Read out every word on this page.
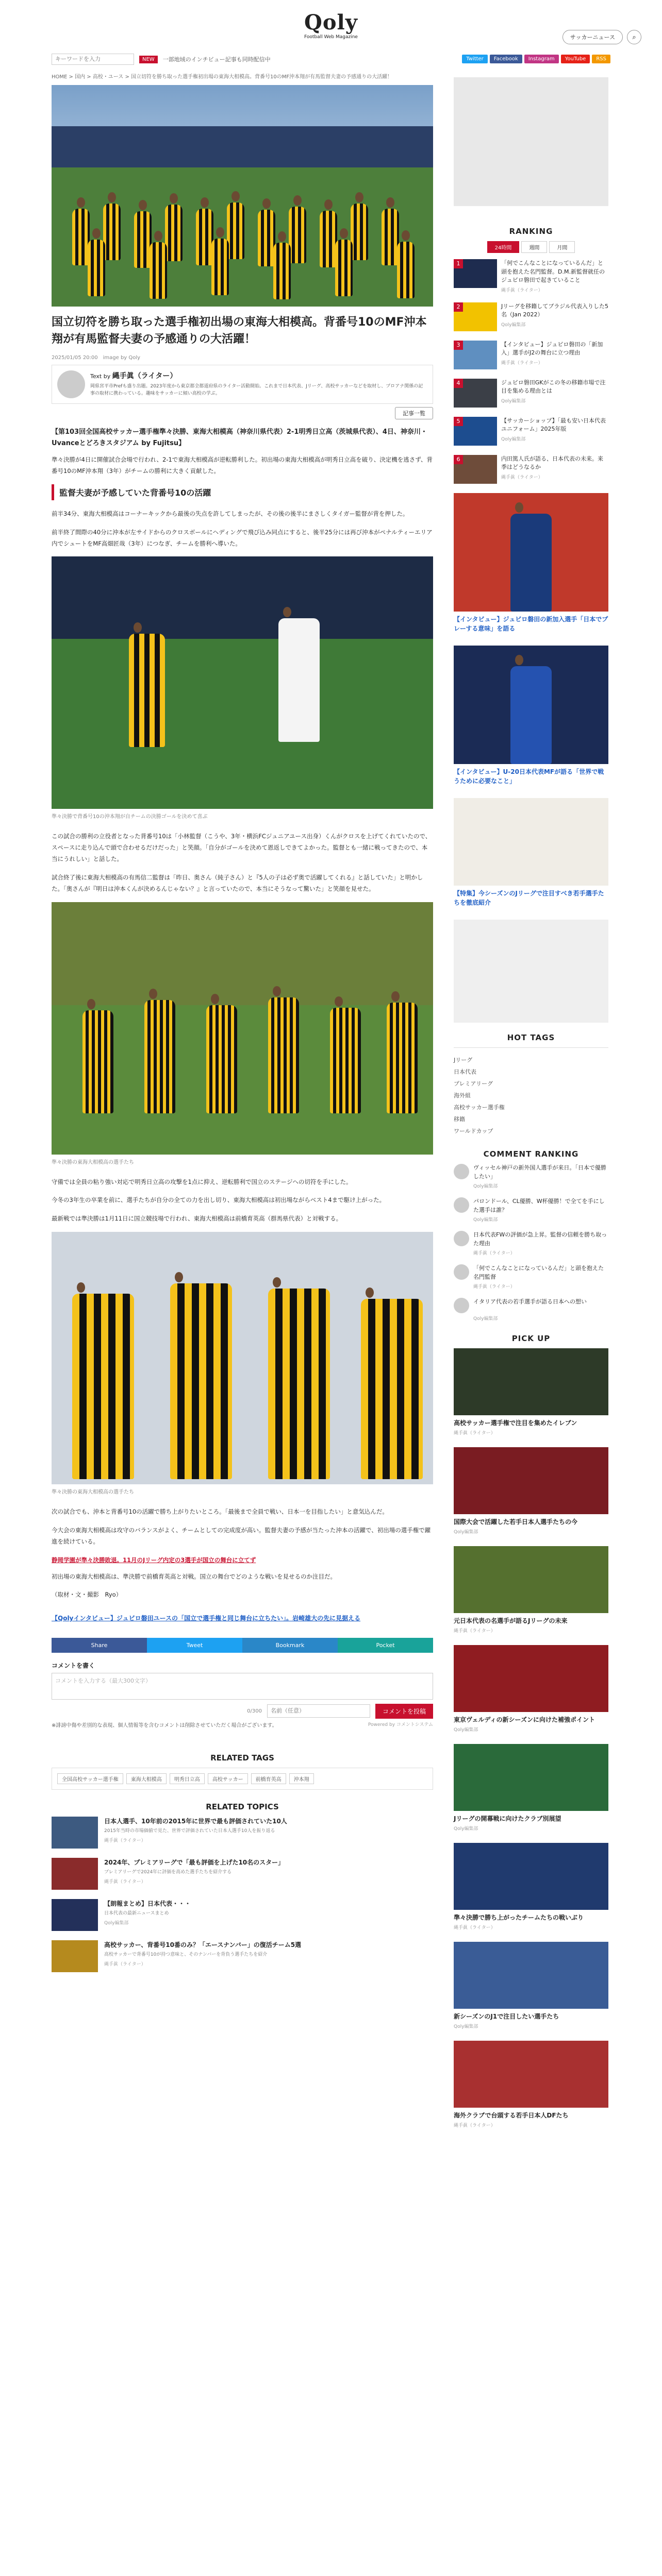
Qoly
Football Web Magazine	サッカーニュース	⌕
キーワードを入力
NEW	一部地域のインチビュー記事も同時配信中	Twitter	Facebook	Instagram	YouTube	RSS
HOME > 国内 > 高校・ユース > 国立切符を勝ち取った選手権初出場の東海大相模高。背番号10のMF沖本翔が有馬監督夫妻の予感通りの大活躍！
国立切符を勝ち取った選手権初出場の東海大相模高。背番号10のMF沖本翔が有馬監督夫妻の予感通りの大活躍！
2025/01/05 20:00　image by Qoly
Text by 縄手眞（ライター）
岡県宮平市Prefも盛り出題。2023年度から東京都全都道府県のライター活動開始。これまで日本代表、Jリーグ、高校サッカーなどを取材し、プロアナ関係の記事の取材に携わっている。趣味をサッカーに傾い高校の学ぶ。
記事一覧

【第103回全国高校サッカー選手権準々決勝、東海大相模高（神奈川県代表）2-1明秀日立高（茨城県代表）、4日、神奈川・Uvanceとどろきスタジアム by Fujitsu】

準々決勝が4日に開催試合会場で行われ、2-1で東海大相模高が逆転勝利した。初出場の東海大相模高が明秀日立高を破り、決定機を逃さず、背番号10のMF沖本翔（3年）がチームの勝利に大きく貢献した。

監督夫妻が予感していた背番号10の活躍

前半34分、東海大相模高はコーナーキックから最後の失点を許してしまったが、その後の後半にまさしくタイガー監督が背を押した。

前半終了間際の40分に沖本が左サイドからのクロスボールにヘディングで飛び込み同点にすると、後半25分には再び沖本がペナルティーエリア内でシュートをMF高畑匠哉（3年）につなぎ、チームを勝利へ導いた。

準々決勝で背番号10の沖本翔が自チームの決勝ゴールを決めて喜ぶ

この試合の勝利の立役者となった背番号10は「小林監督（こうや、3年・横浜FCジュニアユース出身）くんがクロスを上げてくれていたので、スペースに走り込んで頭で合わせるだけだった」と笑顔。「自分がゴールを決めて恩返しできてよかった。監督とも一緒に戦ってきたので、本当にうれしい」と話した。

試合終了後に東海大相模高の有馬信二監督は「昨日、奥さん（純子さん）と『5人の子は必ず奥で活躍してくれる』と話していた」と明かした。「奥さんが『明日は沖本くんが決めるんじゃない？』と言っていたので、本当にそうなって驚いた」と笑顔を見せた。

準々決勝の東海大相模高の選手たち

守備では全員の粘り強い対応で明秀日立高の攻撃を1点に抑え、逆転勝利で国立のステージへの切符を手にした。

今冬の3年生の卒業を前に、選手たちが自分の全ての力を出し切り、東海大相模高は初出場ながらベスト4まで駆け上がった。

最新戦では準決勝は1月11日に国立競技場で行われ、東海大相模高は前橋育英高（群馬県代表）と対戦する。

準々決勝の東海大相模高の選手たち

次の試合でも、沖本と背番号10の活躍で勝ち上がりたいところ。「最後まで全員で戦い、日本一を目指したい」と意気込んだ。

今大会の東海大相模高は攻守のバランスがよく、チームとしての完成度が高い。監督夫妻の予感が当たった沖本の活躍で、初出場の選手権で躍進を続けている。

静岡学園が準々決勝敗退。11月のJリーグ内定の3選手が国立の舞台に立てず

初出場の東海大相模高は、準決勝で前橋育英高と対戦。国立の舞台でどのような戦いを見せるのか注目だ。

（取材・文・撮影　Ryo）

【Qolyインタビュー】ジュビロ磐田ユースの「国立で選手権と同じ舞台に立ちたい」。岩崎雄大の先に見据える

Share	Tweet	Bookmark	Pocket
コメントを書く
コメントを入力する（最大300文字）
0/300
名前（任意）	コメントを投稿
※誹謗中傷や差別的な表現、個人情報等を含むコメントは削除させていただく場合がございます。	Powered by コメントシステム
RELATED TAGS
全国高校サッカー選手権	東海大相模高	明秀日立高	高校サッカー	前橋育英高	沖本翔
RELATED TOPICS
日本人選手、10年前の2015年に世界で最も評価されていた10人
2015年当時の市場価値で見た、世界で評価されていた日本人選手10人を振り返る
縄手眞（ライター）
2024年、プレミアリーグで「最も評価を上げた10名のスター」
プレミアリーグで2024年に評価を高めた選手たちを紹介する
縄手眞（ライター）
【朗報まとめ】日本代表・・・
日本代表の最新ニュースまとめ
Qoly編集部
高校サッカー、背番号10番のみ？「エースナンバー」の復活チーム5選
高校サッカーで背番号10が持つ意味と、そのナンバーを背負う選手たちを紹介
縄手眞（ライター）
RANKING
24時間	週間	月間
1	「何でこんなことになっているんだ」と頭を抱えた名門監督。D.M.新監督就任のジュビロ磐田で起きていること
縄手眞（ライター）
2	Jリーグを移籍してブラジル代表入りした5名（Jan 2022）
Qoly編集部
3	【インタビュー】ジュビロ磐田の「新加入」選手がJ2の舞台に立つ理由
縄手眞（ライター）
4	ジュビロ磐田GKがこの冬の移籍市場で注目を集める理由とは
Qoly編集部
5	【サッカーショップ】「最も安い日本代表ユニフォーム」2025年版
Qoly編集部
6	内田篤人氏が語る、日本代表の未来。来季はどうなるか
縄手眞（ライター）
【インタビュー】ジュビロ磐田の新加入選手「日本でプレーする意味」を語る
【インタビュー】U-20日本代表MFが語る「世界で戦うために必要なこと」
【特集】今シーズンのJリーグで注目すべき若手選手たちを徹底紹介
HOT TAGS
Jリーグ
日本代表
プレミアリーグ
海外組
高校サッカー選手権
移籍
ワールドカップ
COMMENT RANKING
ヴィッセル神戸の新外国人選手が来日。「日本で優勝したい」
Qoly編集部
パロンドール、CL優勝、W杯優勝！で全てを手にした選手は誰？
Qoly編集部
日本代表FWの評価が急上昇。監督の信頼を勝ち取った理由
縄手眞（ライター）
「何でこんなことになっているんだ」と頭を抱えた名門監督
縄手眞（ライター）
イタリア代表の若手選手が語る日本への想い
Qoly編集部
PICK UP
高校サッカー選手権で注目を集めたイレブン
縄手眞（ライター）
国際大会で活躍した若手日本人選手たちの今
Qoly編集部
元日本代表の名選手が語るJリーグの未来
縄手眞（ライター）
東京ヴェルディの新シーズンに向けた補強ポイント
Qoly編集部
Jリーグの開幕戦に向けたクラブ別展望
Qoly編集部
準々決勝で勝ち上がったチームたちの戦いぶり
縄手眞（ライター）
新シーズンのJ1で注目したい選手たち
Qoly編集部
海外クラブで台頭する若手日本人DFたち
縄手眞（ライター）
